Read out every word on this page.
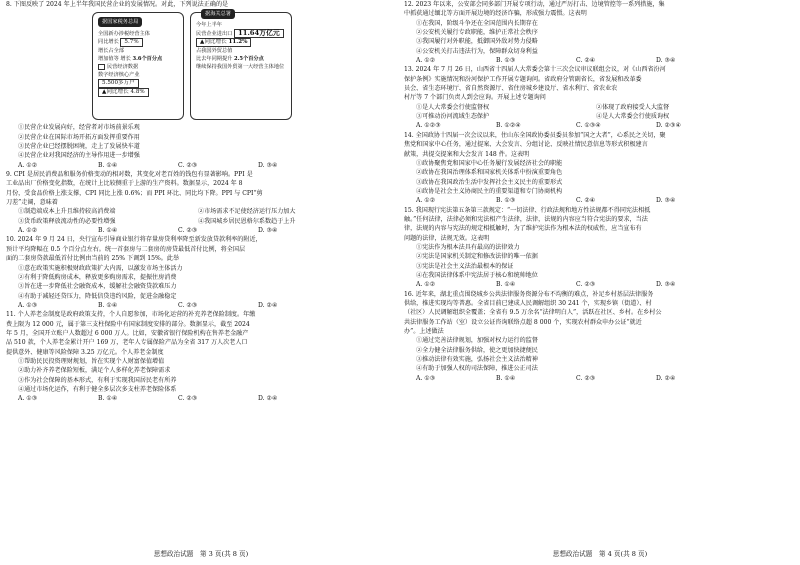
8. 下图反映了 2024 年上半年我国民营企业的发展情况。对此，下列说法正确的是
据国家税务总局
全国新办涉税经营主体
同比增长 5.7%
增长占全部
增加值等 增长 3.6个百分点
民营经济数据
数字经济核心产业
5.500多万户
▲同比增长 4.8%
据海关总署
今年上半年
民营企业进出口 11.64万亿元
▲同比增长 11.2%
占我国外贸总值
比去年同期提升 2.5个百分点
继续保持我国外贸第一大经营主体地位
①民营企业发展向好，经营者对市场前景乐观
②民营企业在国际市场开拓方面发挥重要作用
③民营企业已经摆脱困境，走上了发展快车道
④民营企业对我国经济的主导作用进一步增强
A. ①②	B. ①④	C. ②③	D. ③④
9. CPI 是居民消费品和服务价格变动的相对数，其变化对老百姓的钱包有显著影响。PPI 是
工业品出厂价格变化指数，在统计上比较侧重于上游的生产资料。数据显示，2024 年 8
月份，受食品价格上涨支撑，CPI 同比上涨 0.6%；而 PPI 环比、同比均下降。PPI 与 CPI“剪
刀差”走阔，意味着
①制造端成本上升且维持较高消费端	②市场需求不足使经济运行压力加大
③货币政策释放流动性的必要性增强	④我国城乡居民恩格尔系数趋于上升
A. ①②	B. ①④	C. ②③	D. ③④
10. 2024 年 9 月 24 日，央行宣布引导商业银行将存量房贷利率降至新发放贷款利率的附近，
预计平均降幅在 0.5 个百分点左右。统一首套房与二套房的房贷最低首付比例，将全国层
面的二套房贷款最低首付比例由当前的 25% 下调到 15%。此举
①意在政策实施积极财政政策扩大内需，以激发市场主体活力
②有利于降低购房成本，释放更多购房需求，提振住房消费
③旨在进一步降低社会融资成本，缓解社会融资贷款难压力
④有助于减轻还贷压力，降低信贷违约风险，促进金融稳定
A. ①③	B. ①④	C. ②③	D. ②④
11. 个人养老金制度是政府政策支持，个人自愿参加，市场化运营的补充养老保险制度。年缴
费上限为 12 000 元，属于第三支柱保险中有国家制度安排的部分。数据显示，截至 2024
年 5 月，全国开立账户人数超过 6 000 万人。比如，安徽省银行保险机构在售养老金融产
品 510 款，个人养老金累计开户 169 万，老年人专属保险产品为全省 317 万人次老人口
提供意外、健康等风险保障 3.25 万亿元。个人养老金制度
①帮助民民投资理财规划，旨在实现个人财富保值增值
②助力补齐养老保险短板，满足个人多样化养老保障需求
③作为社会保障的基本形式，有利于实现我国居民老有所养
④通过市场化运作，有利于健全多层次多支柱养老保险体系
A. ①③	B. ①④	C. ②③	D. ②④
思想政治试题　第 3 页(共 8 页)
12. 2023 年以来，公安部会同多部门开展专项行动，通过严厉打击、边境管控等一系列措施，集
中抓获通过缅北等方面开展边境的经济诈骗，形成强力震慑。这表明
①在我国，阶级斗争还在全国范围内长期存在
②公安机关履行专政职能，维护正常社会秩序
③我国履行对外职能，抵御国外敌对势力侵略
④公安机关打击违法行为，保障群众切身利益
A. ①②	B. ①③	C. ②④	D. ③④
13. 2024 年 7 月 26 日，山西省十四届人大常委会第十三次会议审议联组会议，对《山西省汾河
保护条例》实施情况和汾河保护工作开展专题询问。省政府分管副省长，省发展和改革委
员会、省生态环境厅、省自然资源厅、省住房城乡建设厅、省水利厅、省农业农
村厅等 7 个部门负责人到会应询。开展上述专题询问
①是人大常委会行使监督权	②体现了政府接受人大监督
③可推动汾河流域生态保护	④是人大常委会行使质询权
A. ①②③	B. ①②④	C. ①③④	D. ②③④
14. 全国政协十四届一次会议以来，住山东全国政协委员委员参加“国之大者”，心系民之关切，聚
焦党和国家中心任务，通过提案、大会发言、分组讨论、反映社情民意信息等形式积极建言
献策，共提交提案和大会发言 148 件。这表明
①政协聚焦党和国家中心任务履行发展经济社会的职能
②政协在我国治理体系和国家机关体系中扮演重要角色
③政协在我国政治生活中发挥社会主义民主的重要形式
④政协是社会主义协商民主的重要渠道和专门协商机构
A. ①②	B. ①③	C. ②④	D. ③④
15. 我国现行宪法第五条第三款规定：“一切法律、行政法规和地方性法规都不得同宪法相抵
触。”任何法律，法律必须和宪法相产生法律，法律，法规的内容应当符合宪法的要求，当法
律，法规的内容与宪法的规定相抵触时，为了维护宪法作为根本法的权威性，应当宣布有
问题的法律，法规无效。这表明
①宪法作为根本法具有最高的法律效力
②宪法是国家机关制定和修改法律的唯一依据
③宪法是社会主义法治最根本的保证
④在我国法律体系中宪法居于核心和统帅地位
A. ①②	B. ①④	C. ②③	D. ③④
16. 近年来，湖北重点围绕城乡公共法律服务资源分布不均衡的难点，补足乡村基层法律服务
供给，推进实现均等普惠。全省目前已建成人民调解组织 30 241 个，实现乡镇（街道）、村
（社区）人民调解组织全覆盖；全省有 9.5 万余名“法律明白人”，活跃在社区、乡村。在乡村公
共法律服务工作站（室）设立公证咨询联络点超 8 000 个，实现农村群众申办公证“就近
办”。上述做法
①通过完善法律规划，加强对权力运行的监督
②全力健全法律服务供给，使之更加快捷便民
③推动法律有效实施，弘扬社会主义法治精神
④有助于加强人权的司法保障，推进公正司法
A. ①③	B. ①④	C. ②③	D. ②④
思想政治试题　第 4 页(共 8 页)
